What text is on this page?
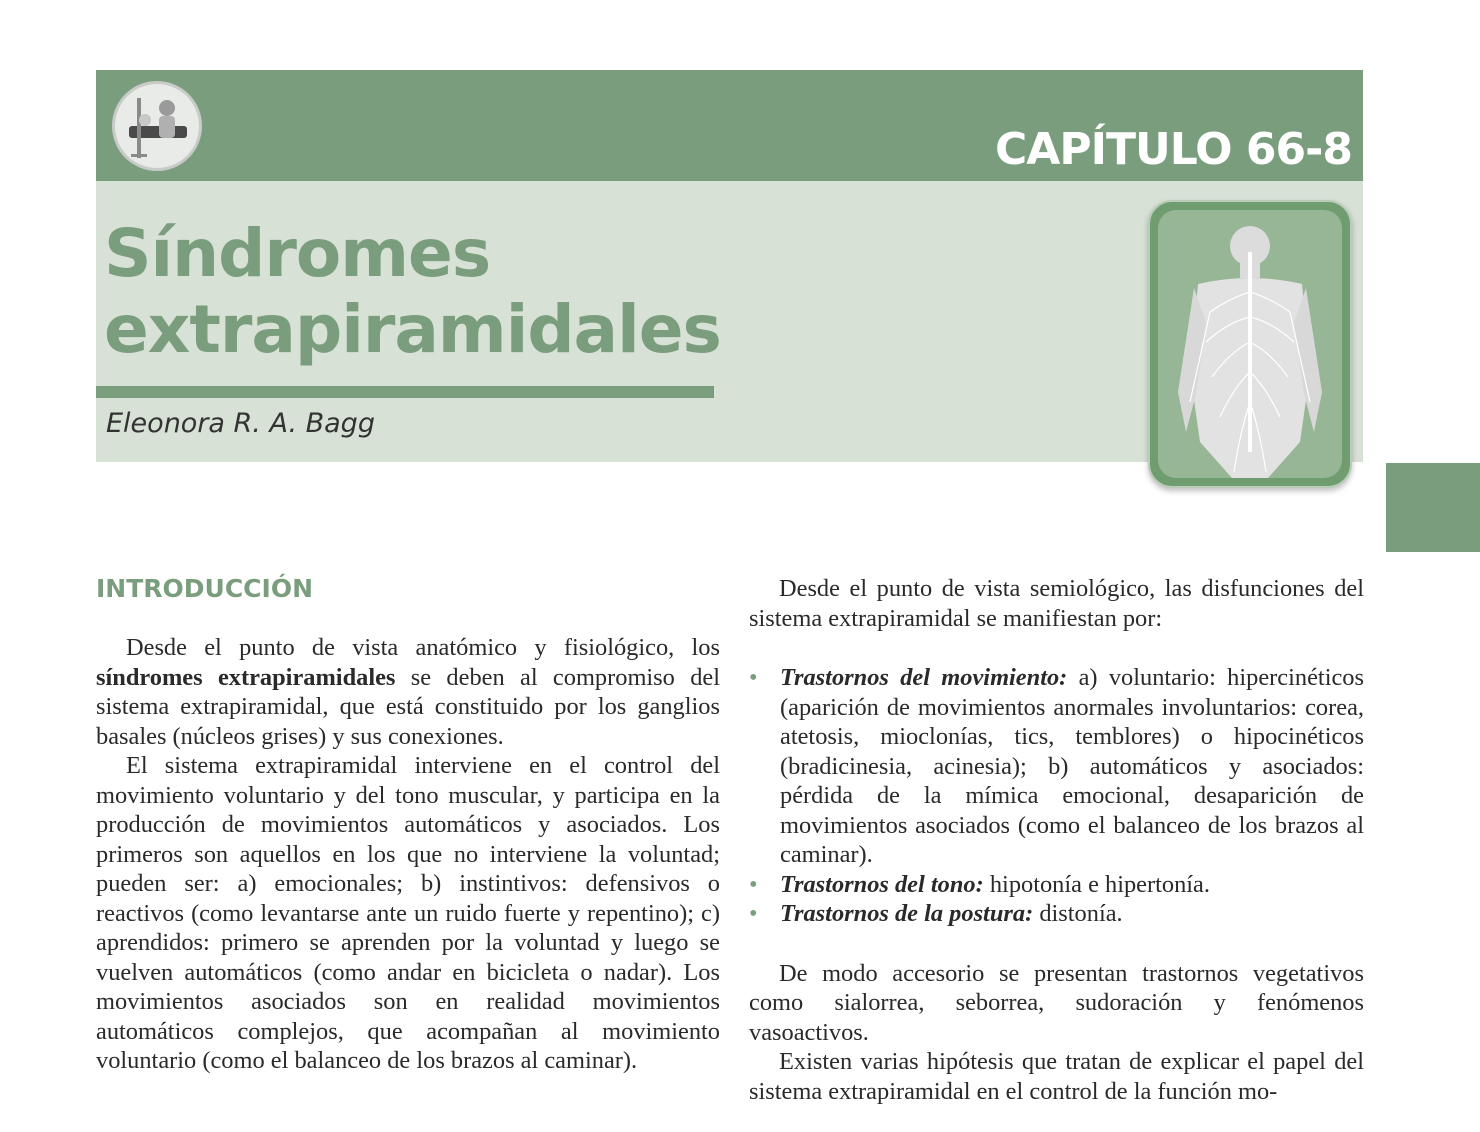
CAPÍTULO 66-8
Síndromes
extrapiramidales
Eleonora R. A. Bagg
INTRODUCCIÓN

Desde el punto de vista anatómico y fisiológico, los síndromes extrapiramidales se deben al compromiso del sistema extrapiramidal, que está constituido por los ganglios basales (núcleos grises) y sus conexiones.

El sistema extrapiramidal interviene en el control del movimiento voluntario y del tono muscular, y participa en la producción de movimientos automáticos y asociados. Los primeros son aquellos en los que no interviene la voluntad; pueden ser: a) emocionales; b) instintivos: defensivos o reactivos (como levantarse ante un ruido fuerte y repentino); c) aprendidos: primero se aprenden por la voluntad y luego se vuelven automáticos (como andar en bicicleta o nadar). Los movimientos asociados son en realidad movimientos automáticos complejos, que acompañan al movimiento voluntario (como el balanceo de los brazos al caminar).

Desde el punto de vista semiológico, las disfunciones del sistema extrapiramidal se manifiestan por:

• Trastornos del movimiento: a) voluntario: hipercinéticos (aparición de movimientos anormales involuntarios: corea, atetosis, mioclonías, tics, temblores) o hipocinéticos (bradicinesia, acinesia); b) automáticos y asociados: pérdida de la mímica emocional, desaparición de movimientos asociados (como el balanceo de los brazos al caminar).
• Trastornos del tono: hipotonía e hipertonía.
• Trastornos de la postura: distonía.

De modo accesorio se presentan trastornos vegetativos como sialorrea, seborrea, sudoración y fenómenos vasoactivos.

Existen varias hipótesis que tratan de explicar el papel del sistema extrapiramidal en el control de la función mo-
